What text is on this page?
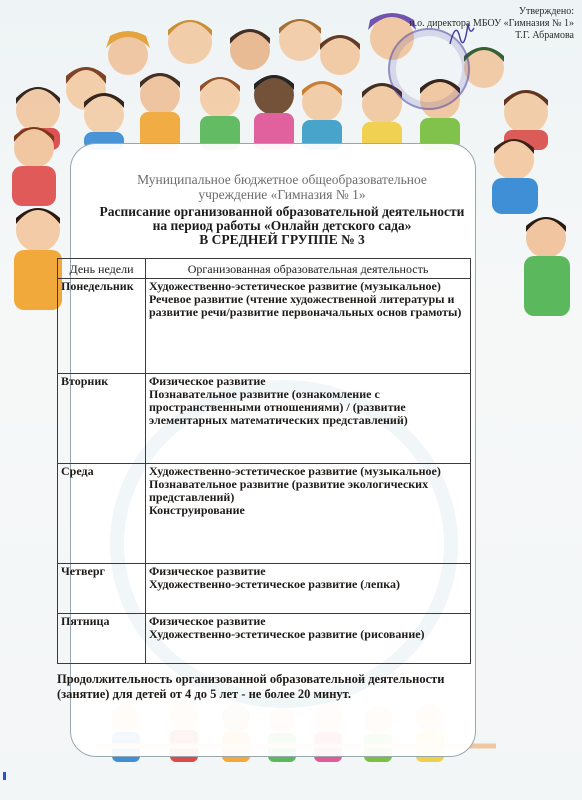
Утверждено:
и.о. директора МБОУ «Гимназия № 1»
Т.Г. Абрамова
Муниципальное бюджетное общеобразовательное
учреждение «Гимназия № 1»
Расписание организованной образовательной деятельности
на период работы «Онлайн детского сада»
В СРЕДНЕЙ ГРУППЕ № 3
День недели	Организованная образовательная деятельность
Понедельник	Художественно-эстетическое развитие (музыкальное)
Речевое развитие (чтение художественной литературы и развитие речи/развитие первоначальных основ грамоты)

Вторник	Физическое развитие
Познавательное развитие (ознакомление с пространственными отношениями) / (развитие элементарных математических представлений)

Среда	Художественно-эстетическое развитие (музыкальное)
Познавательное развитие (развитие экологических представлений)
Конструирование

Четверг	Физическое развитие
Художественно-эстетическое развитие (лепка)

Пятница	Физическое развитие
Художественно-эстетическое развитие (рисование)
Продолжительность организованной образовательной деятельности (занятие) для детей от 4 до 5 лет - не более 20 минут.
